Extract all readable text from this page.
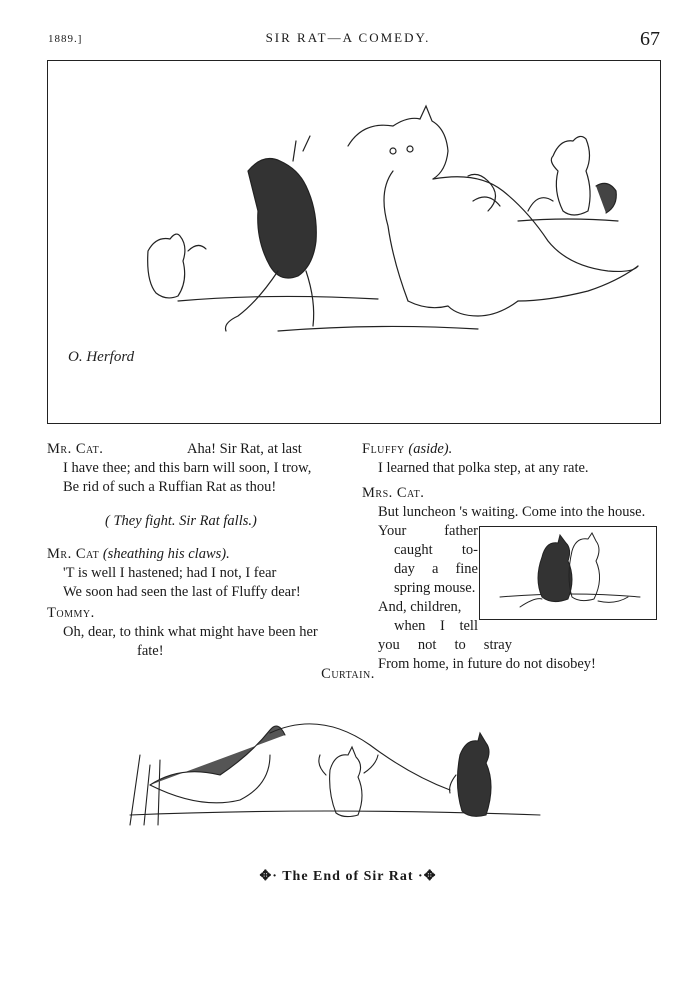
1889.]	SIR RAT—A COMEDY.	67
O. Herford
Mr. Cat.	Aha! Sir Rat, at last
I have thee; and this barn will soon, I trow,
Be rid of such a Ruffian Rat as thou!
( They fight. Sir Rat falls.)
Mr. Cat (sheathing his claws).
'T is well I hastened; had I not, I fear
We soon had seen the last of Fluffy dear!
Tommy.
Oh, dear, to think what might have been her
fate!
Fluffy (aside).
I learned that polka step, at any rate.
Mrs. Cat.
But luncheon 's waiting. Come into the house.
Your	father
caught to-
day a fine
spring mouse.
And, children,
when I tell
you not to stray
From home, in future do not disobey!
Curtain.
✥· The End of Sir Rat ·✥
